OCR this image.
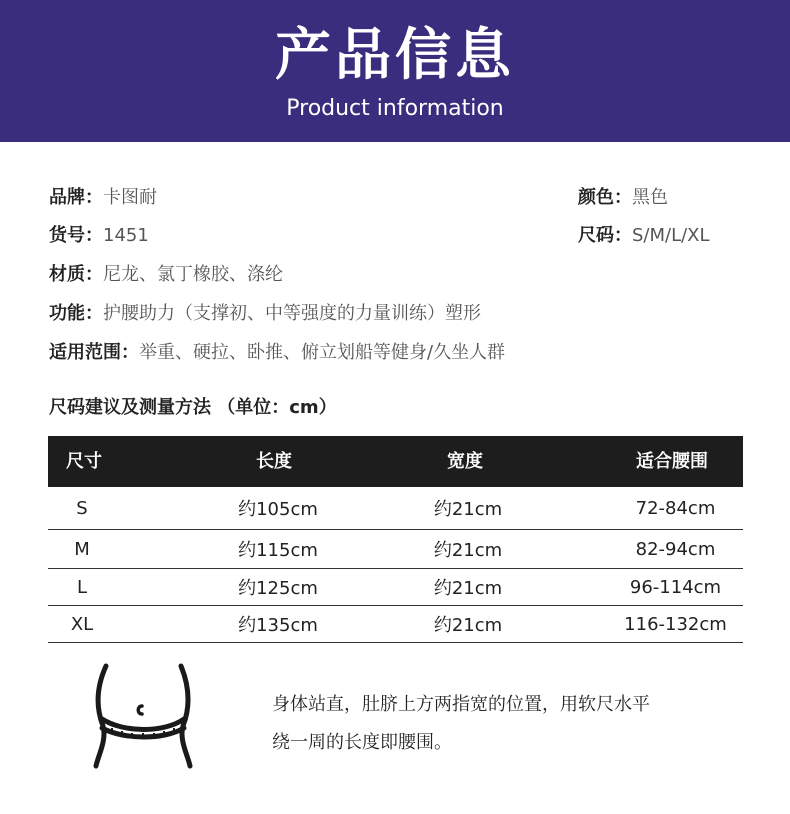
产品信息
Product information
品牌：卡图耐	颜色：黑色
货号：1451	尺码：S/M/L/XL
材质：尼龙、氯丁橡胶、涤纶
功能：护腰助力（支撑初、中等强度的力量训练）塑形
适用范围：举重、硬拉、卧推、俯立划船等健身/久坐人群
尺码建议及测量方法 （单位：cm）
尺寸	长度	宽度	适合腰围
S	约105cm	约21cm	72-84cm
M	约115cm	约21cm	82-94cm
L	约125cm	约21cm	96-114cm
XL	约135cm	约21cm	116-132cm
身体站直，肚脐上方两指宽的位置，用软尺水平
绕一周的长度即腰围。
